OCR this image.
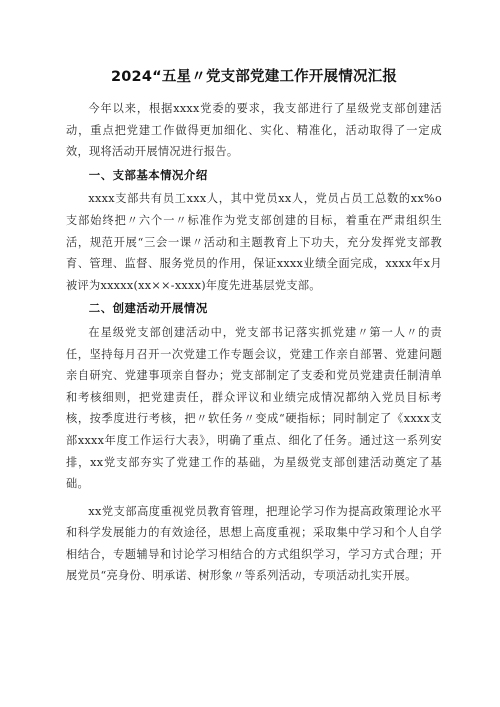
2024“五星〃党支部党建工作开展情况汇报

今年以来，根据xxxx党委的要求，我支部进行了星级党支部创建活动，重点把党建工作做得更加细化、实化、精准化，活动取得了一定成效，现将活动开展情况进行报告。

一、支部基本情况介绍

xxxx支部共有员工xxx人，其中党员xx人，党员占员工总数的xx%o支部始终把〃六个一〃标准作为党支部创建的目标，着重在严肃组织生活，规范开展“三会一课〃活动和主题教育上下功夫，充分发挥党支部教育、管理、监督、服务党员的作用，保证xxxx业绩全面完成，xxxx年x月被评为xxxxx(xx××-xxxx)年度先进基层党支部。

二、创建活动开展情况

在星级党支部创建活动中，党支部书记落实抓党建〃第一人〃的责任，坚持每月召开一次党建工作专题会议，党建工作亲自部署、党建问题亲自研究、党建事项亲自督办；党支部制定了支委和党员党建责任制清单和考核细则，把党建责任，群众评议和业绩完成情况都纳入党员目标考核，按季度进行考核，把〃软任务〃变成“硬指标；同时制定了《xxxx支部xxxx年度工作运行大表》，明确了重点、细化了任务。通过这一系列安排，xx党支部夯实了党建工作的基础，为星级党支部创建活动奠定了基础。

xx党支部高度重视党员教育管理，把理论学习作为提高政策理论水平和科学发展能力的有效途径，思想上高度重视；采取集中学习和个人自学相结合，专题辅导和讨论学习相结合的方式组织学习，学习方式合理；开展党员“亮身份、明承诺、树形象〃等系列活动，专项活动扎实开展。
